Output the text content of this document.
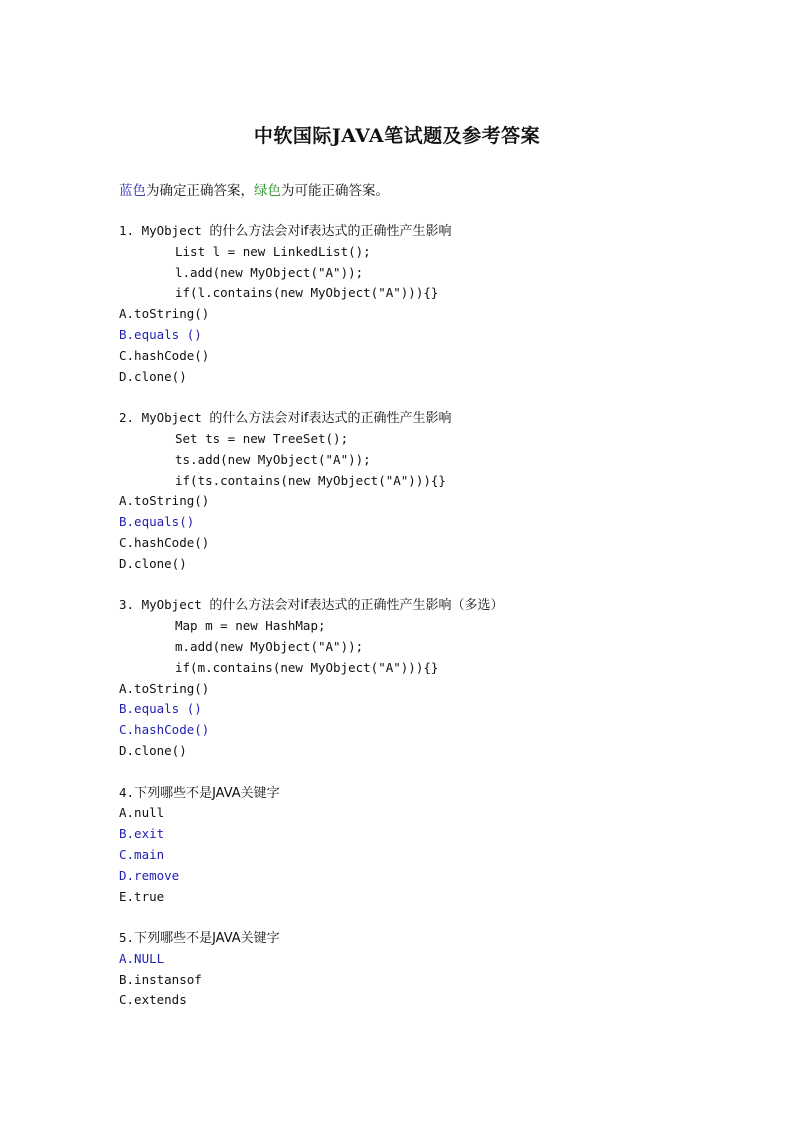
中软国际JAVA笔试题及参考答案
蓝色为确定正确答案，绿色为可能正确答案。
1. MyObject 的什么方法会对if表达式的正确性产生影响
List l = new LinkedList();
l.add(new MyObject("A"));
if(l.contains(new MyObject("A"))){}
A.toString()
B.equals ()
C.hashCode()
D.clone()
2. MyObject 的什么方法会对if表达式的正确性产生影响
Set ts = new TreeSet();
ts.add(new MyObject("A"));
if(ts.contains(new MyObject("A"))){}
A.toString()
B.equals()
C.hashCode()
D.clone()
3. MyObject 的什么方法会对if表达式的正确性产生影响（多选）
Map m = new HashMap;
m.add(new MyObject("A"));
if(m.contains(new MyObject("A"))){}
A.toString()
B.equals ()
C.hashCode()
D.clone()
4.下列哪些不是JAVA关键字
A.null
B.exit
C.main
D.remove
E.true
5.下列哪些不是JAVA关键字
A.NULL
B.instansof
C.extends
